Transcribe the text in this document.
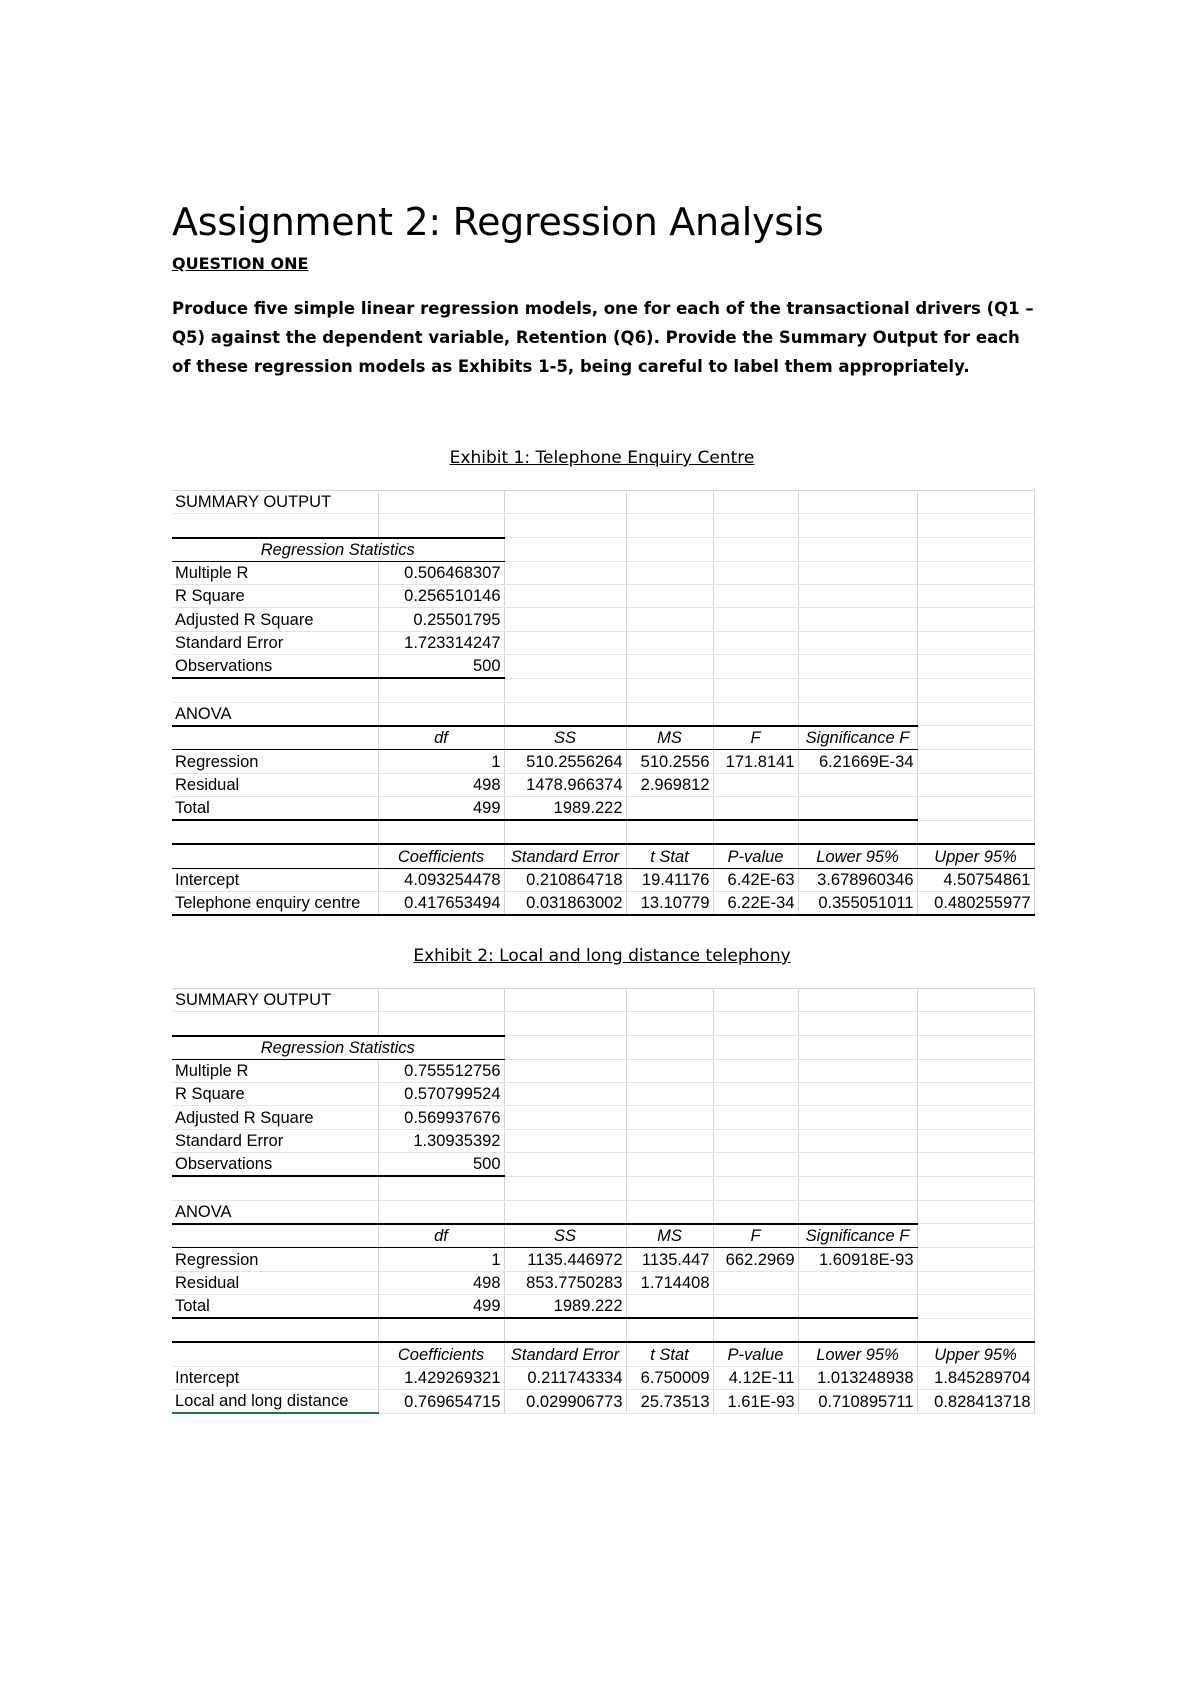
Assignment 2: Regression Analysis

QUESTION ONE

Produce five simple linear regression models, one for each of the transactional drivers (Q1 – Q5) against the dependent variable, Retention (Q6). Provide the Summary Output for each of these regression models as Exhibits 1-5, being careful to label them appropriately.

Exhibit 1: Telephone Enquiry Centre

SUMMARY OUTPUT						

Regression Statistics						
Multiple R	0.506468307					
R Square	0.256510146					
Adjusted R Square	0.25501795					
Standard Error	1.723314247					
Observations	500					

ANOVA						
	df	SS	MS	F	Significance F	
Regression	1	510.2556264	510.2556	171.8141	6.21669E-34	
Residual	498	1478.966374	2.969812			
Total	499	1989.222				

	Coefficients	Standard Error	t Stat	P-value	Lower 95%	Upper 95%
Intercept	4.093254478	0.210864718	19.41176	6.42E-63	3.678960346	4.50754861
Telephone enquiry centre	0.417653494	0.031863002	13.10779	6.22E-34	0.355051011	0.480255977

Exhibit 2: Local and long distance telephony

SUMMARY OUTPUT						

Regression Statistics						
Multiple R	0.755512756					
R Square	0.570799524					
Adjusted R Square	0.569937676					
Standard Error	1.30935392					
Observations	500					

ANOVA						
	df	SS	MS	F	Significance F	
Regression	1	1135.446972	1135.447	662.2969	1.60918E-93	
Residual	498	853.7750283	1.714408			
Total	499	1989.222				

	Coefficients	Standard Error	t Stat	P-value	Lower 95%	Upper 95%
Intercept	1.429269321	0.211743334	6.750009	4.12E-11	1.013248938	1.845289704
Local and long distance	0.769654715	0.029906773	25.73513	1.61E-93	0.710895711	0.828413718
